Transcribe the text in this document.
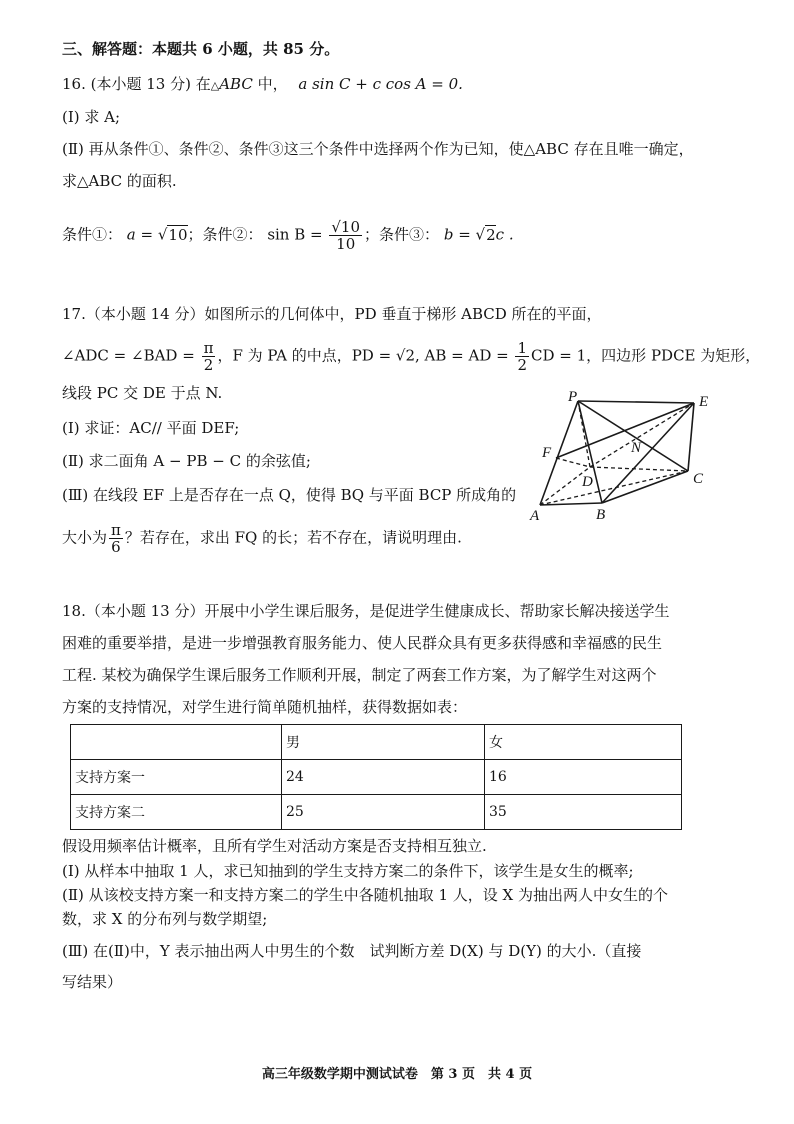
三、解答题：本题共 6 小题，共 85 分。
16. (本小题 13 分) 在△ABC 中， a sin C + c cos A = 0.
(Ⅰ) 求 A;
(Ⅱ) 再从条件①、条件②、条件③这三个条件中选择两个作为已知，使△ABC 存在且唯一确定，
求△ABC 的面积.
条件①： a = √10；条件②： $\sin B = \frac{√10}{10}$ ；条件③： b = √2c .
17.（本小题 14 分）如图所示的几何体中，PD 垂直于梯形 ABCD 所在的平面，
∠ADC = ∠BAD = $\frac{\pi}{2}$ ，F 为 PA 的中点，PD = √2, AB = AD = $\frac{1}{2}$ CD = 1，四边形 PDCE 为矩形，
线段 PC 交 DE 于点 N.
(Ⅰ) 求证：AC// 平面 DEF;
(Ⅱ) 求二面角 A − PB − C 的余弦值;
(Ⅲ) 在线段 EF 上是否存在一点 Q，使得 BQ 与平面 BCP 所成角的
大小为 $\frac{\pi}{6}$ ？若存在，求出 FQ 的长；若不存在，请说明理由.
P	E
F	N
D	C
A	B
18.（本小题 13 分）开展中小学生课后服务，是促进学生健康成长、帮助家长解决接送学生
困难的重要举措，是进一步增强教育服务能力、使人民群众具有更多获得感和幸福感的民生
工程. 某校为确保学生课后服务工作顺利开展，制定了两套工作方案，为了解学生对这两个
方案的支持情况，对学生进行简单随机抽样，获得数据如表：
	男	女
支持方案一	24	16
支持方案二	25	35
假设用频率估计概率，且所有学生对活动方案是否支持相互独立.
(Ⅰ) 从样本中抽取 1 人，求已知抽到的学生支持方案二的条件下，该学生是女生的概率;
(Ⅱ) 从该校支持方案一和支持方案二的学生中各随机抽取 1 人，设 X 为抽出两人中女生的个
数，求 X 的分布列与数学期望;
(Ⅲ) 在(Ⅱ)中，Y 表示抽出两人中男生的个数　试判断方差 D(X) 与 D(Y) 的大小.（直接
写结果）
高三年级数学期中测试试卷　第 3 页　共 4 页
